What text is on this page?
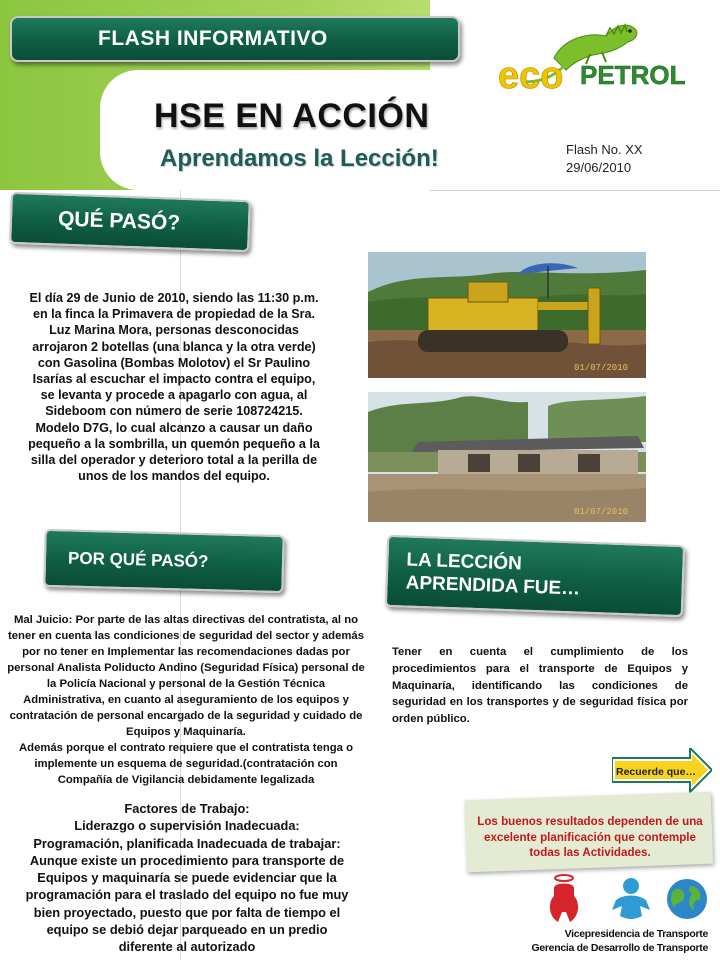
FLASH INFORMATIVO
eco PETROL
HSE EN ACCIÓN
Aprendamos la Lección!	Flash No. XX
29/06/2010
QUÉ PASÓ?
El día 29 de Junio de 2010, siendo las 11:30 p.m. en la finca la Primavera de propiedad de la Sra. Luz Marina Mora, personas desconocidas arrojaron 2 botellas (una blanca y la otra verde) con Gasolina (Bombas Molotov) el Sr Paulino Isarías al escuchar el impacto contra el equipo, se levanta y procede a apagarlo con agua, al Sideboom con número de serie 108724215. Modelo D7G, lo cual alcanzo a causar un daño pequeño a la sombrilla, un quemón pequeño a la silla del operador y deterioro total a la perilla de unos de los mandos del equipo.
01/07/2010
01/07/2010
POR QUÉ PASÓ?
Mal Juicio: Por parte de las altas directivas del contratista, al no tener en cuenta las condiciones de seguridad del sector y además por no tener en Implementar las recomendaciones dadas por personal Analista Poliducto Andino (Seguridad Física) personal de la Policía Nacional y personal de la Gestión Técnica Administrativa, en cuanto al aseguramiento de los equipos y contratación de personal encargado de la seguridad y cuidado de Equipos y Maquinaría.
Además porque el contrato requiere que el contratista tenga o implemente un esquema de seguridad.(contratación con Compañía de Vigilancia debidamente legalizada
Factores de Trabajo:
Liderazgo o supervisión Inadecuada:
Programación, planificada Inadecuada de trabajar:
Aunque existe un procedimiento para transporte de Equipos y maquinaría se puede evidenciar que la programación para el traslado del equipo no fue muy bien proyectado, puesto que por falta de tiempo el equipo se debió dejar parqueado en un predio diferente al autorizado
LA LECCIÓN
APRENDIDA FUE…
Tener en cuenta el cumplimiento de los procedimientos para el transporte de Equipos y Maquinaría, identificando las condiciones de seguridad en los transportes y de seguridad física por orden público.
Recuerde que…
Los buenos resultados dependen de una excelente planificación que contemple todas las Actividades.
Vicepresidencia de Transporte
Gerencia de Desarrollo de Transporte
